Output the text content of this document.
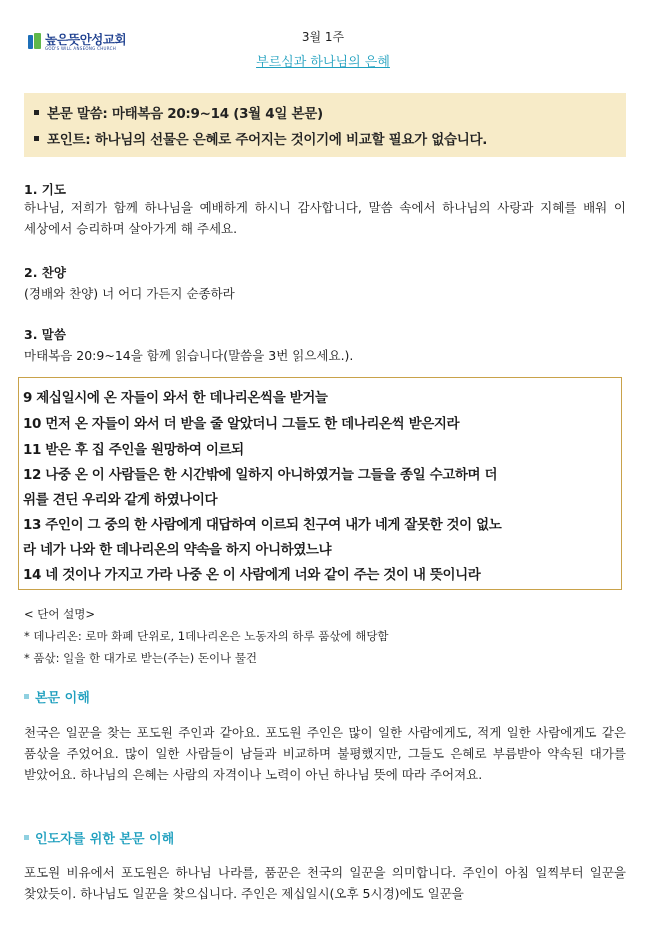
높은뜻안성교회
GOD'S WILL ANSEONG CHURCH
3월 1주
부르심과 하나님의 은혜
본문 말씀: 마태복음 20:9~14 (3월 4일 본문)
포인트: 하나님의 선물은 은혜로 주어지는 것이기에 비교할 필요가 없습니다.
1. 기도
하나님, 저희가 함께 하나님을 예배하게 하시니 감사합니다, 말씀 속에서 하나님의 사랑과 지혜를 배워 이 세상에서 승리하며 살아가게 해 주세요.
2. 찬양
(경배와 찬양) 너 어디 가든지 순종하라
3. 말씀
마태복음 20:9~14을 함께 읽습니다(말씀을 3번 읽으세요.).
9 제십일시에 온 자들이 와서 한 데나리온씩을 받거늘
10 먼저 온 자들이 와서 더 받을 줄 알았더니 그들도 한 데나리온씩 받은지라
11 받은 후 집 주인을 원망하여 이르되
12 나중 온 이 사람들은 한 시간밖에 일하지 아니하였거늘 그들을 종일 수고하며 더
위를 견딘 우리와 같게 하였나이다
13 주인이 그 중의 한 사람에게 대답하여 이르되 친구여 내가 네게 잘못한 것이 없노
라 네가 나와 한 데나리온의 약속을 하지 아니하였느냐
14 네 것이나 가지고 가라 나중 온 이 사람에게 너와 같이 주는 것이 내 뜻이니라
< 단어 설명>
* 데나리온: 로마 화폐 단위로, 1데나리온은 노동자의 하루 품삯에 해당함
* 품삯: 일을 한 대가로 받는(주는) 돈이나 물건
본문 이해
천국은 일꾼을 찾는 포도원 주인과 같아요. 포도원 주인은 많이 일한 사람에게도, 적게 일한 사람에게도 같은 품삯을 주었어요. 많이 일한 사람들이 남들과 비교하며 불평했지만, 그들도 은혜로 부름받아 약속된 대가를 받았어요. 하나님의 은혜는 사람의 자격이나 노력이 아닌 하나님 뜻에 따라 주어져요.
인도자를 위한 본문 이해
포도원 비유에서 포도원은 하나님 나라를, 품꾼은 천국의 일꾼을 의미합니다. 주인이 아침 일찍부터 일꾼을 찾았듯이. 하나님도 일꾼을 찾으십니다. 주인은 제십일시(오후 5시경)에도 일꾼을
